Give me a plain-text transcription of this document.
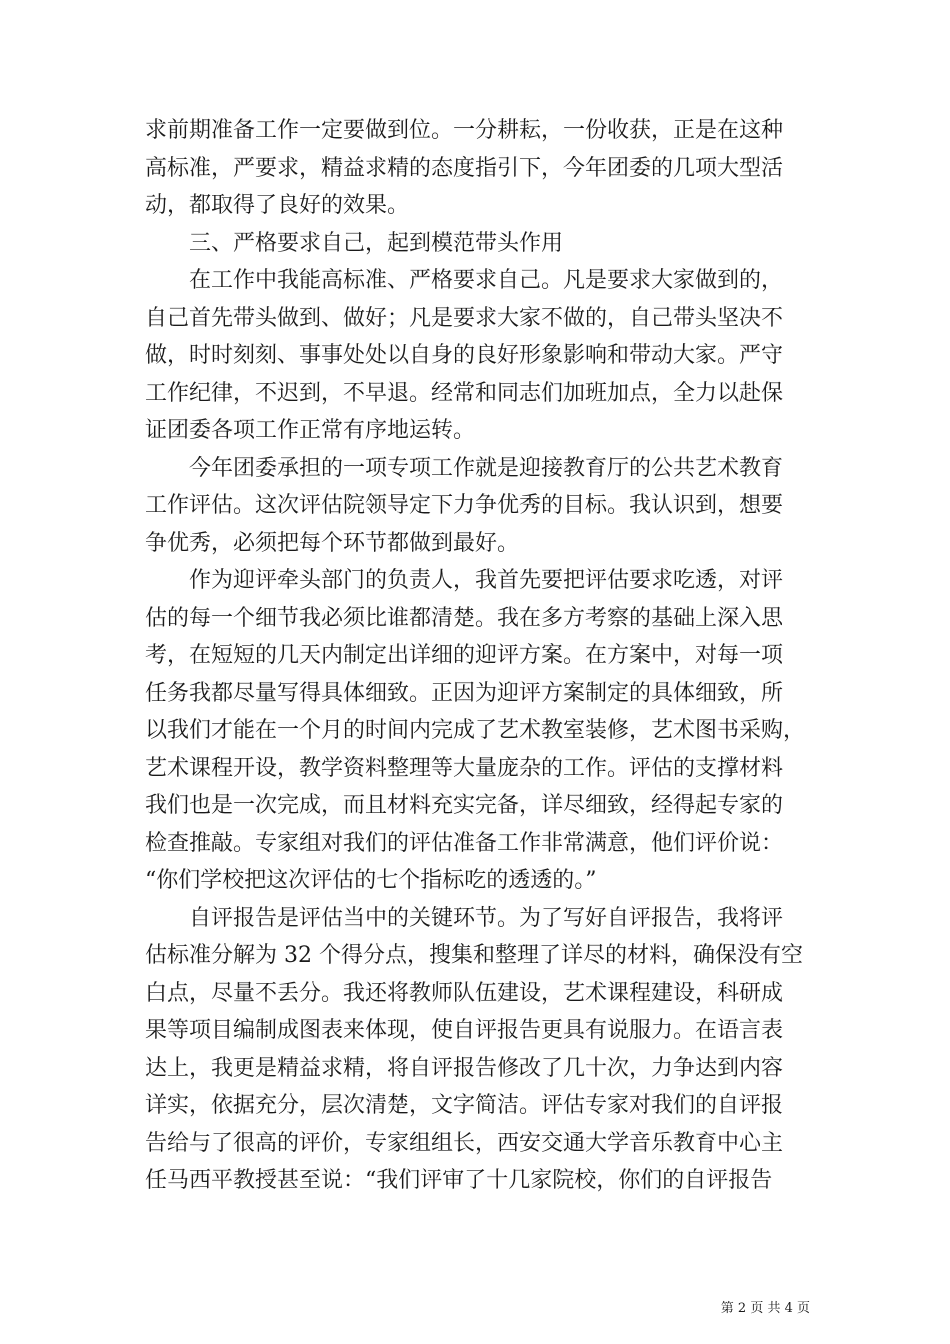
求前期准备工作一定要做到位。一分耕耘，一份收获，正是在这种
高标准，严要求，精益求精的态度指引下，今年团委的几项大型活
动，都取得了良好的效果。
三、严格要求自己，起到模范带头作用
在工作中我能高标准、严格要求自己。凡是要求大家做到的，
自己首先带头做到、做好；凡是要求大家不做的，自己带头坚决不
做，时时刻刻、事事处处以自身的良好形象影响和带动大家。严守
工作纪律，不迟到，不早退。经常和同志们加班加点，全力以赴保
证团委各项工作正常有序地运转。
今年团委承担的一项专项工作就是迎接教育厅的公共艺术教育
工作评估。这次评估院领导定下力争优秀的目标。我认识到，想要
争优秀，必须把每个环节都做到最好。
作为迎评牵头部门的负责人，我首先要把评估要求吃透，对评
估的每一个细节我必须比谁都清楚。我在多方考察的基础上深入思
考，在短短的几天内制定出详细的迎评方案。在方案中，对每一项
任务我都尽量写得具体细致。正因为迎评方案制定的具体细致，所
以我们才能在一个月的时间内完成了艺术教室装修，艺术图书采购，
艺术课程开设，教学资料整理等大量庞杂的工作。评估的支撑材料
我们也是一次完成，而且材料充实完备，详尽细致，经得起专家的
检查推敲。专家组对我们的评估准备工作非常满意，他们评价说：
“你们学校把这次评估的七个指标吃的透透的。”
自评报告是评估当中的关键环节。为了写好自评报告，我将评
估标准分解为 32 个得分点，搜集和整理了详尽的材料，确保没有空
白点，尽量不丢分。我还将教师队伍建设，艺术课程建设，科研成
果等项目编制成图表来体现，使自评报告更具有说服力。在语言表
达上，我更是精益求精，将自评报告修改了几十次，力争达到内容
详实，依据充分，层次清楚，文字简洁。评估专家对我们的自评报
告给与了很高的评价，专家组组长，西安交通大学音乐教育中心主
任马西平教授甚至说：“我们评审了十几家院校，你们的自评报告
第 2 页 共 4 页
